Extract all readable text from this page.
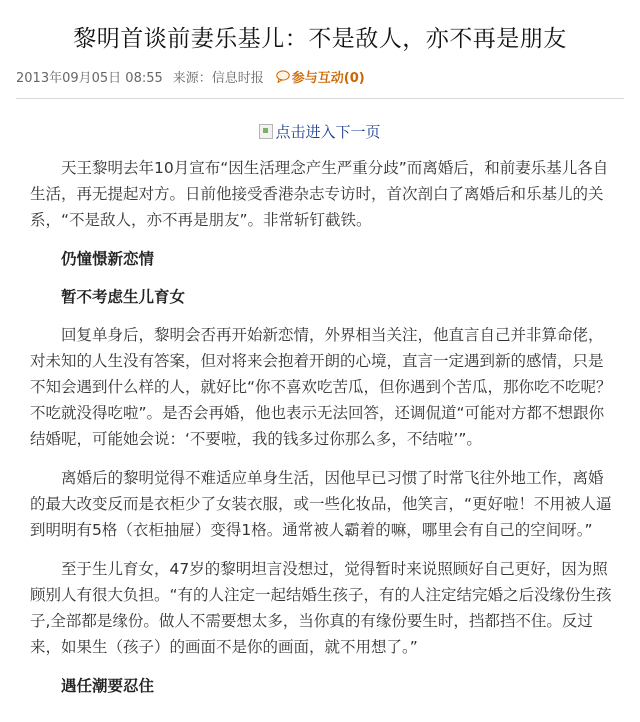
黎明首谈前妻乐基儿：不是敌人，亦不再是朋友
2013年09月05日 08:55 来源：信息时报 参与互动(0)
点击进入下一页

天王黎明去年10月宣布“因生活理念产生严重分歧”而离婚后，和前妻乐基儿各自生活，再无提起对方。日前他接受香港杂志专访时，首次剖白了离婚后和乐基儿的关系，“不是敌人，亦不再是朋友”。非常斩钉截铁。

仍憧憬新恋情

暂不考虑生儿育女

回复单身后，黎明会否再开始新恋情，外界相当关注，他直言自己并非算命佬，对未知的人生没有答案，但对将来会抱着开朗的心境，直言一定遇到新的感情，只是不知会遇到什么样的人，就好比“你不喜欢吃苦瓜，但你遇到个苦瓜，那你吃不吃呢？不吃就没得吃啦”。是否会再婚，他也表示无法回答，还调侃道“可能对方都不想跟你结婚呢，可能她会说：‘不要啦，我的钱多过你那么多，不结啦’”。

离婚后的黎明觉得不难适应单身生活，因他早已习惯了时常飞往外地工作，离婚的最大改变反而是衣柜少了女装衣服，或一些化妆品，他笑言，“更好啦！不用被人逼到明明有5格（衣柜抽屉）变得1格。通常被人霸着的嘛，哪里会有自己的空间呀。”

至于生儿育女，47岁的黎明坦言没想过，觉得暂时来说照顾好自己更好，因为照顾别人有很大负担。“有的人注定一起结婚生孩子，有的人注定结完婚之后没缘份生孩子,全部都是缘份。做人不需要想太多，当你真的有缘份要生时，挡都挡不住。反过来，如果生（孩子）的画面不是你的画面，就不用想了。”

遇任潮要忍住
